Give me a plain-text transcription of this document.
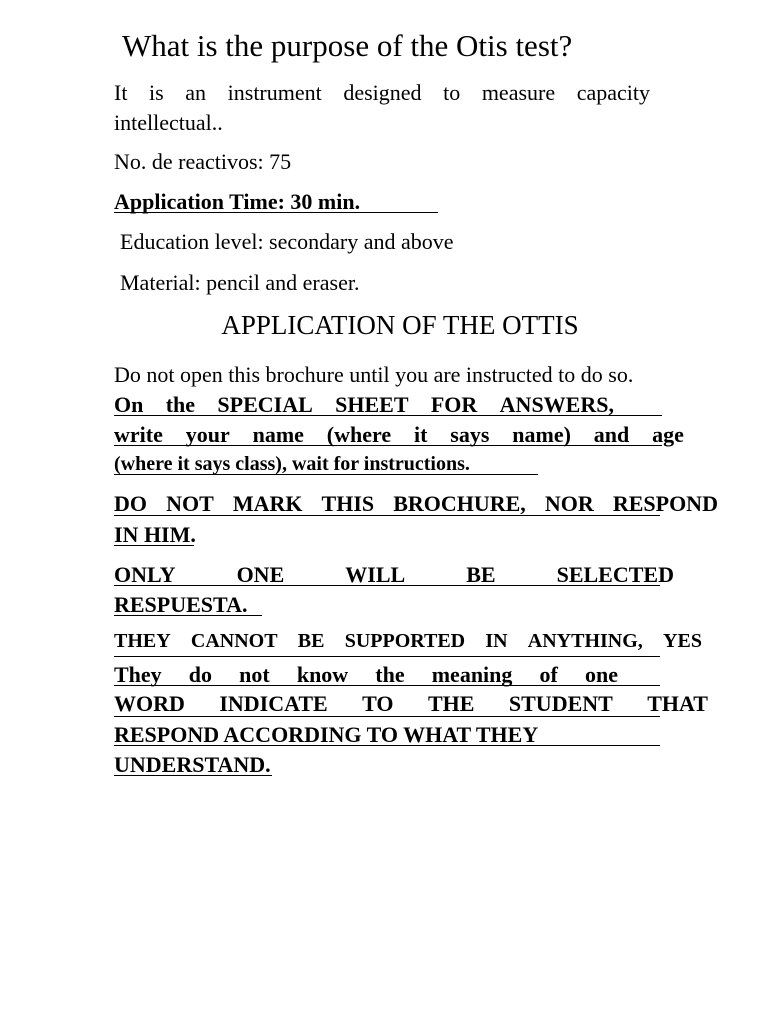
What is the purpose of the Otis test?
It is an instrument designed to measure capacity
intellectual..
No. de reactivos: 75
Application Time: 30 min.
Education level: secondary and above
Material: pencil and eraser.
APPLICATION OF THE OTTIS
Do not open this brochure until you are instructed to do so.
On the SPECIAL SHEET FOR ANSWERS,
write your name (where it says name) and age
(where it says class), wait for instructions.
DO NOT MARK THIS BROCHURE, NOR RESPOND
IN HIM.
ONLY	ONE	WILL	BE	SELECTED
RESPUESTA.
THEY CANNOT BE SUPPORTED IN ANYTHING, YES
They do not know the meaning of one
WORD INDICATE TO THE STUDENT THAT
RESPOND ACCORDING TO WHAT THEY
UNDERSTAND.
